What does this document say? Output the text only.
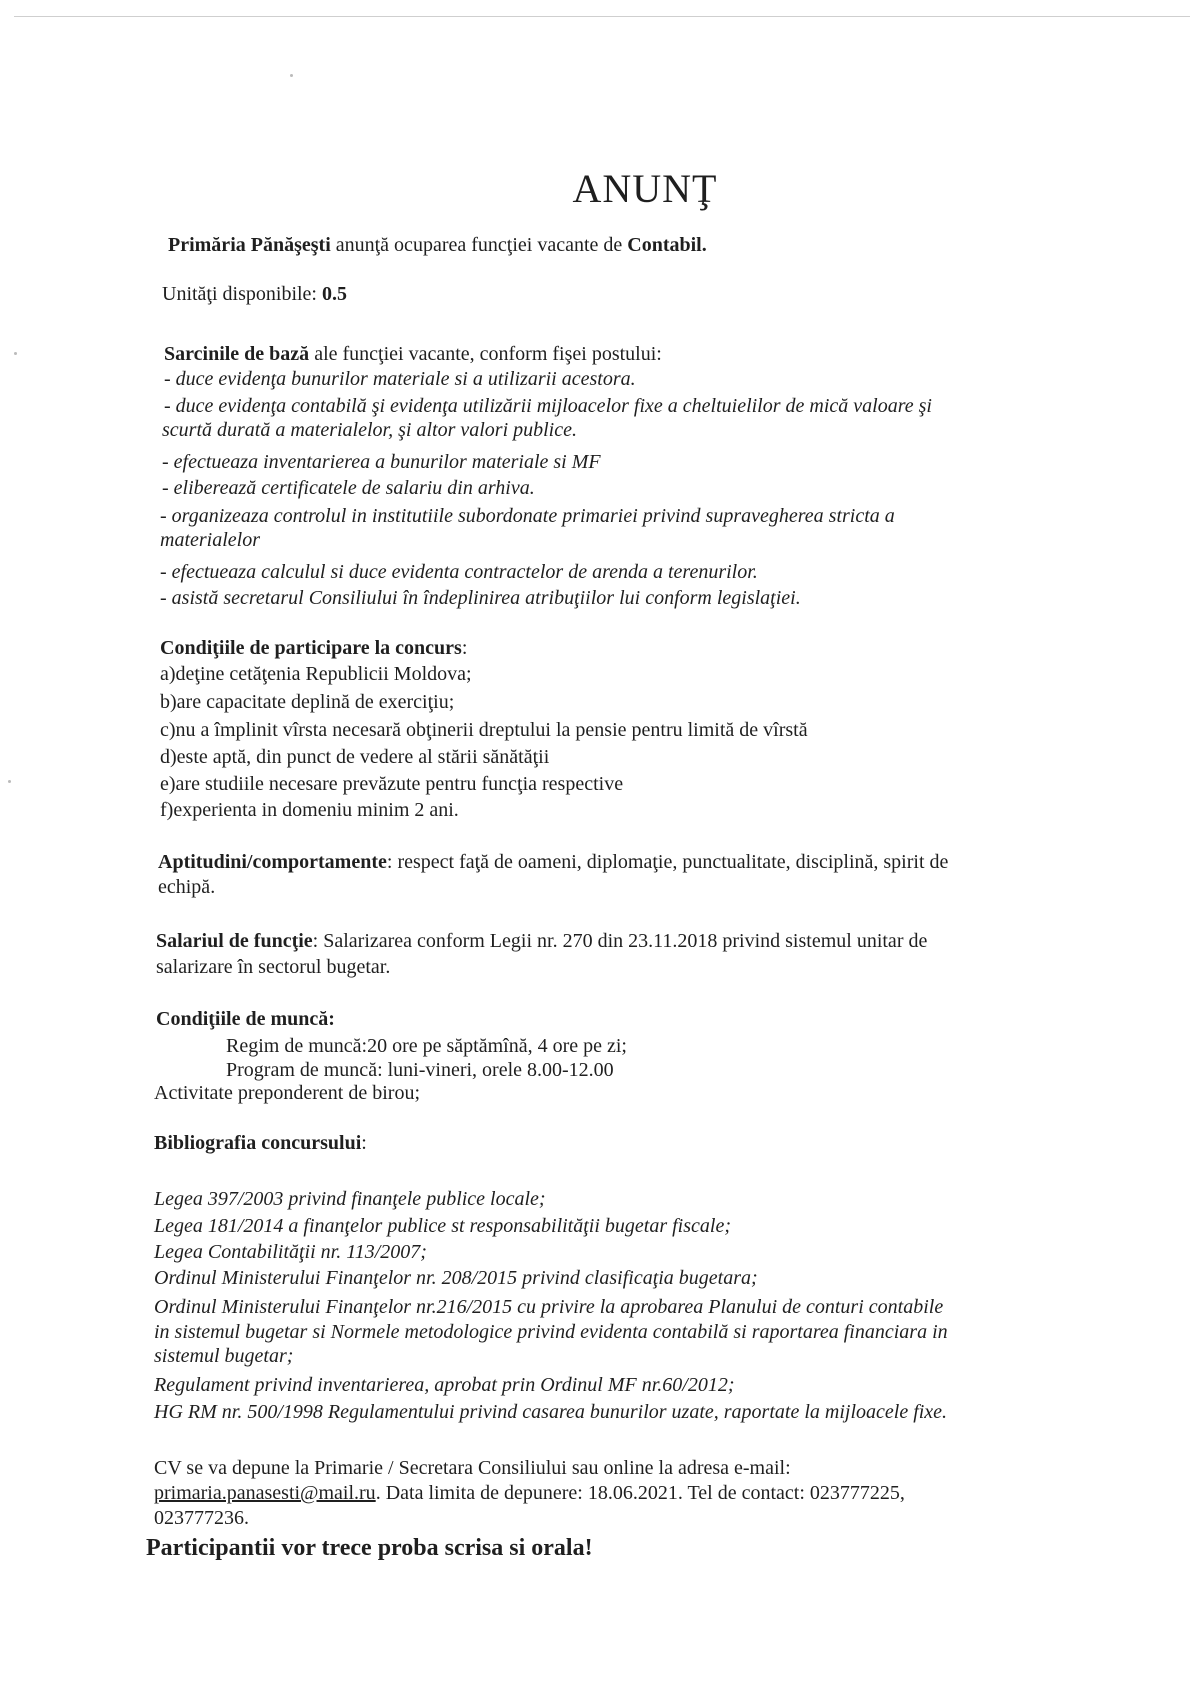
ANUNŢ
Primăria Pănăşeşti anunţă ocuparea funcţiei vacante de Contabil.
Unităţi disponibile: 0.5
Sarcinile de bază ale funcţiei vacante, conform fişei postului:
- duce evidenţa bunurilor materiale si a utilizarii acestora.
- duce evidenţa contabilă şi evidenţa utilizării mijloacelor fixe a cheltuielilor de mică valoare şi
scurtă durată a materialelor, şi altor valori publice.
- efectueaza inventarierea a bunurilor materiale si MF
- eliberează certificatele de salariu din arhiva.
- organizeaza controlul in institutiile subordonate primariei privind supravegherea stricta a
materialelor
- efectueaza calculul si duce evidenta contractelor de arenda a terenurilor.
- asistă secretarul Consiliului în îndeplinirea atribuţiilor lui conform legislaţiei.
Condiţiile de participare la concurs:
a)deţine cetăţenia Republicii Moldova;
b)are capacitate deplină de exerciţiu;
c)nu a împlinit vîrsta necesară obţinerii dreptului la pensie pentru limită de vîrstă
d)este aptă, din punct de vedere al stării sănătăţii
e)are studiile necesare prevăzute pentru funcţia respective
f)experienta in domeniu minim 2 ani.
Aptitudini/comportamente: respect faţă de oameni, diplomaţie, punctualitate, disciplină, spirit de
echipă.
Salariul de funcţie: Salarizarea conform Legii nr. 270 din 23.11.2018 privind sistemul unitar de
salarizare în sectorul bugetar.
Condiţiile de muncă:
Regim de muncă:20 ore pe săptămînă, 4 ore pe zi;
Program de muncă: luni-vineri, orele 8.00-12.00
Activitate preponderent de birou;
Bibliografia concursului:
Legea 397/2003 privind finanţele publice locale;
Legea 181/2014 a finanţelor publice st responsabilităţii bugetar fiscale;
Legea Contabilităţii nr. 113/2007;
Ordinul Ministerului Finanţelor nr. 208/2015 privind clasificaţia bugetara;
Ordinul Ministerului Finanţelor nr.216/2015 cu privire la aprobarea Planului de conturi contabile
in sistemul bugetar si Normele metodologice privind evidenta contabilă si raportarea financiara in
sistemul bugetar;
Regulament privind inventarierea, aprobat prin Ordinul MF nr.60/2012;
HG RM nr. 500/1998 Regulamentului privind casarea bunurilor uzate, raportate la mijloacele fixe.
CV se va depune la Primarie / Secretara Consiliului sau online la adresa e-mail:
primaria.panasesti@mail.ru. Data limita de depunere: 18.06.2021. Tel de contact: 023777225,
023777236.
Participantii vor trece proba scrisa si orala!
